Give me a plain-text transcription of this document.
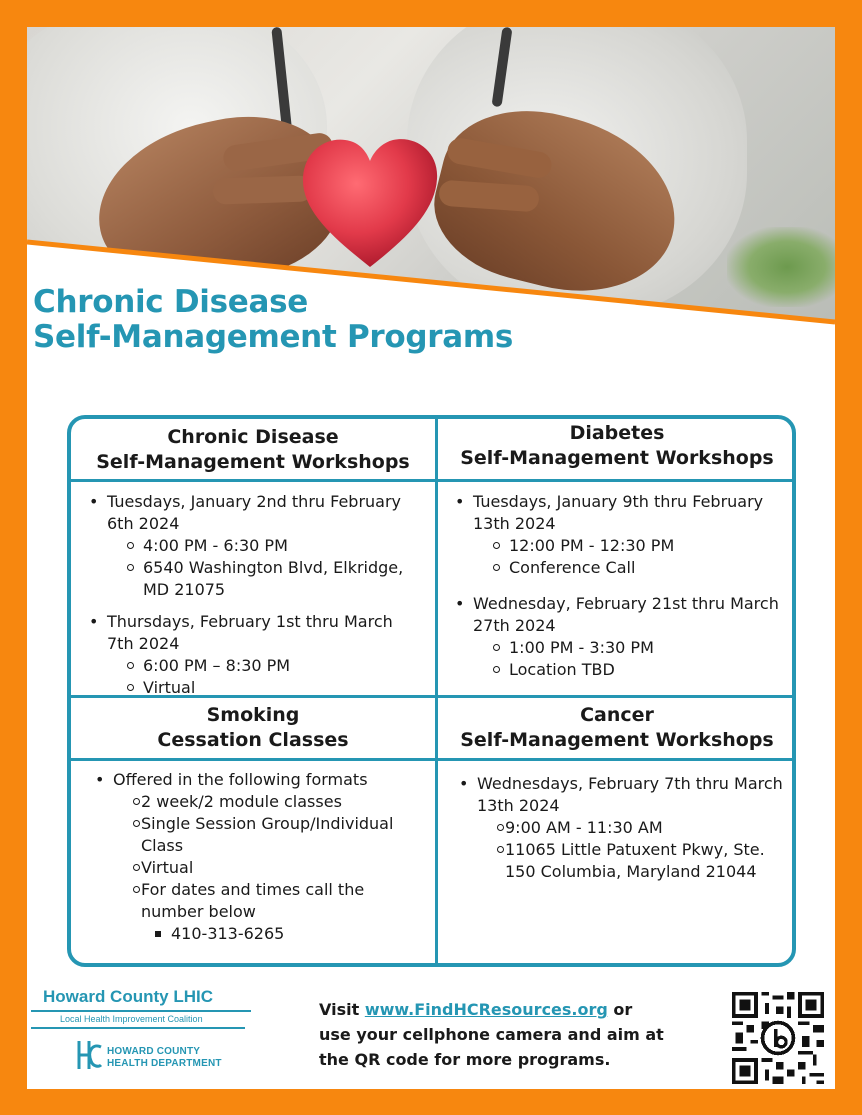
Chronic Disease
Self-Management Programs
Chronic Disease
Self-Management Workshops
Diabetes
Self-Management Workshops
• Tuesdays, January 2nd thru February 6th 2024
4:00 PM - 6:30 PM
6540 Washington Blvd, Elkridge, MD 21075
• Thursdays, February 1st thru March 7th 2024
6:00 PM – 8:30 PM
Virtual
• Tuesdays, January 9th thru February 13th 2024
12:00 PM - 12:30 PM
Conference Call
• Wednesday, February 21st thru March 27th 2024
1:00 PM - 3:30 PM
Location TBD
Smoking
Cessation Classes
Cancer
Self-Management Workshops
• Offered in the following formats
2 week/2 module classes
Single Session Group/Individual Class
Virtual
For dates and times call the number below
410-313-6265
• Wednesdays, February 7th thru March 13th 2024
9:00 AM - 11:30 AM
11065 Little Patuxent Pkwy, Ste. 150 Columbia, Maryland 21044
Howard County LHIC
Local Health Improvement Coalition
HOWARD COUNTY
HEALTH DEPARTMENT
Visit www.FindHCResources.org or
use your cellphone camera and aim at
the QR code for more programs.
